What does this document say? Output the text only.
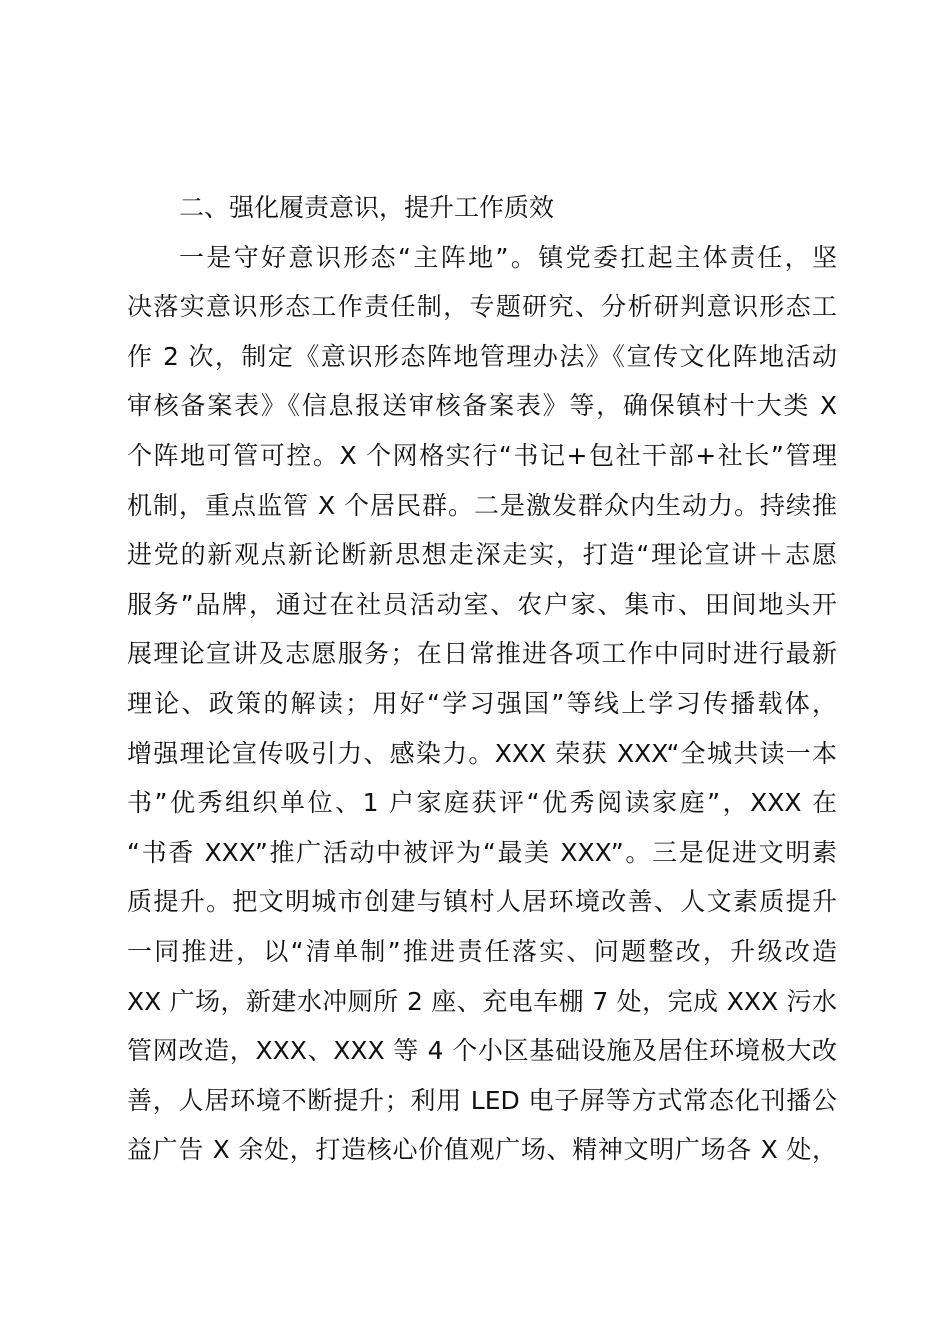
二、强化履责意识，提升工作质效
一是守好意识形态“主阵地”。镇党委扛起主体责任，坚
决落实意识形态工作责任制，专题研究、分析研判意识形态工
作 2 次，制定《意识形态阵地管理办法》《宣传文化阵地活动
审核备案表》《信息报送审核备案表》等，确保镇村十大类 X
个阵地可管可控。X 个网格实行“书记+包社干部+社长”管理
机制，重点监管 X 个居民群。二是激发群众内生动力。持续推
进党的新观点新论断新思想走深走实，打造“理论宣讲＋志愿
服务”品牌，通过在社员活动室、农户家、集市、田间地头开
展理论宣讲及志愿服务；在日常推进各项工作中同时进行最新
理论、政策的解读；用好“学习强国”等线上学习传播载体，
增强理论宣传吸引力、感染力。XXX 荣获 XXX“全城共读一本
书”优秀组织单位、1 户家庭获评“优秀阅读家庭”，XXX 在
“书香 XXX”推广活动中被评为“最美 XXX”。三是促进文明素
质提升。把文明城市创建与镇村人居环境改善、人文素质提升
一同推进，以“清单制”推进责任落实、问题整改，升级改造
XX 广场，新建水冲厕所 2 座、充电车棚 7 处，完成 XXX 污水
管网改造，XXX、XXX 等 4 个小区基础设施及居住环境极大改
善，人居环境不断提升；利用 LED 电子屏等方式常态化刊播公
益广告 X 余处，打造核心价值观广场、精神文明广场各 X 处，
